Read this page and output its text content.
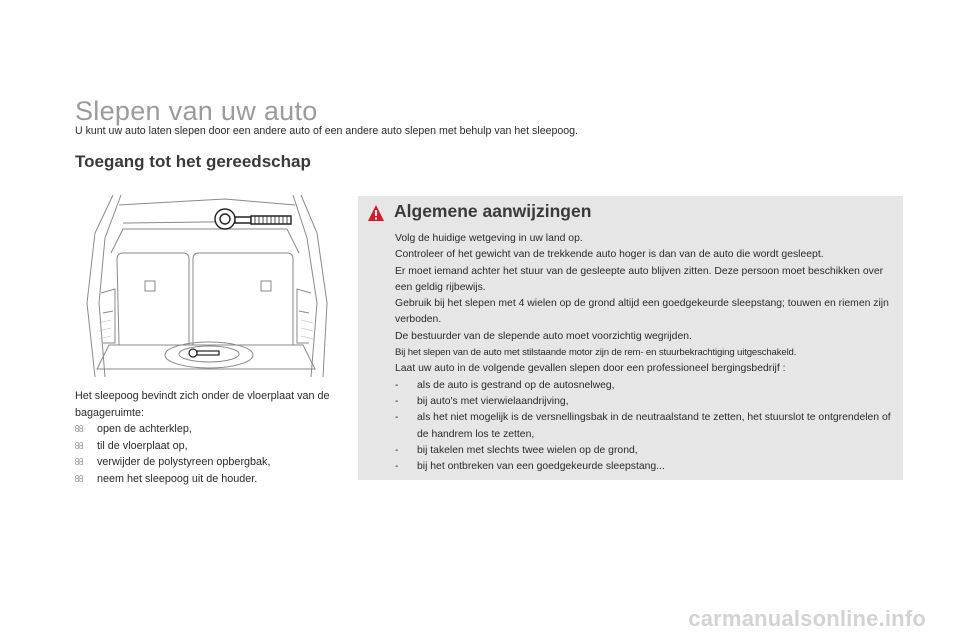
Slepen van uw auto
U kunt uw auto laten slepen door een andere auto of een andere auto slepen met behulp van het sleepoog.
Toegang tot het gereedschap
Het sleepoog bevindt zich onder de vloerplaat van de bagageruimte:
open de achterklep,
til de vloerplaat op,
verwijder de polystyreen opbergbak,
neem het sleepoog uit de houder.
Algemene aanwijzingen
Volg de huidige wetgeving in uw land op.
Controleer of het gewicht van de trekkende auto hoger is dan van de auto die wordt gesleept.
Er moet iemand achter het stuur van de gesleepte auto blijven zitten. Deze persoon moet beschikken over een geldig rijbewijs.
Gebruik bij het slepen met 4 wielen op de grond altijd een goedgekeurde sleepstang; touwen en riemen zijn verboden.
De bestuurder van de slepende auto moet voorzichtig wegrijden.
Bij het slepen van de auto met stilstaande motor zijn de rem- en stuurbekrachtiging uitgeschakeld.
Laat uw auto in de volgende gevallen slepen door een professioneel bergingsbedrijf :
-	als de auto is gestrand op de autosnelweg,
-	bij auto's met vierwielaandrijving,
-	als het niet mogelijk is de versnellingsbak in de neutraalstand te zetten, het stuurslot te ontgrendelen of de handrem los te zetten,
-	bij takelen met slechts twee wielen op de grond,
-	bij het ontbreken van een goedgekeurde sleepstang...
carmanualsonline.info
